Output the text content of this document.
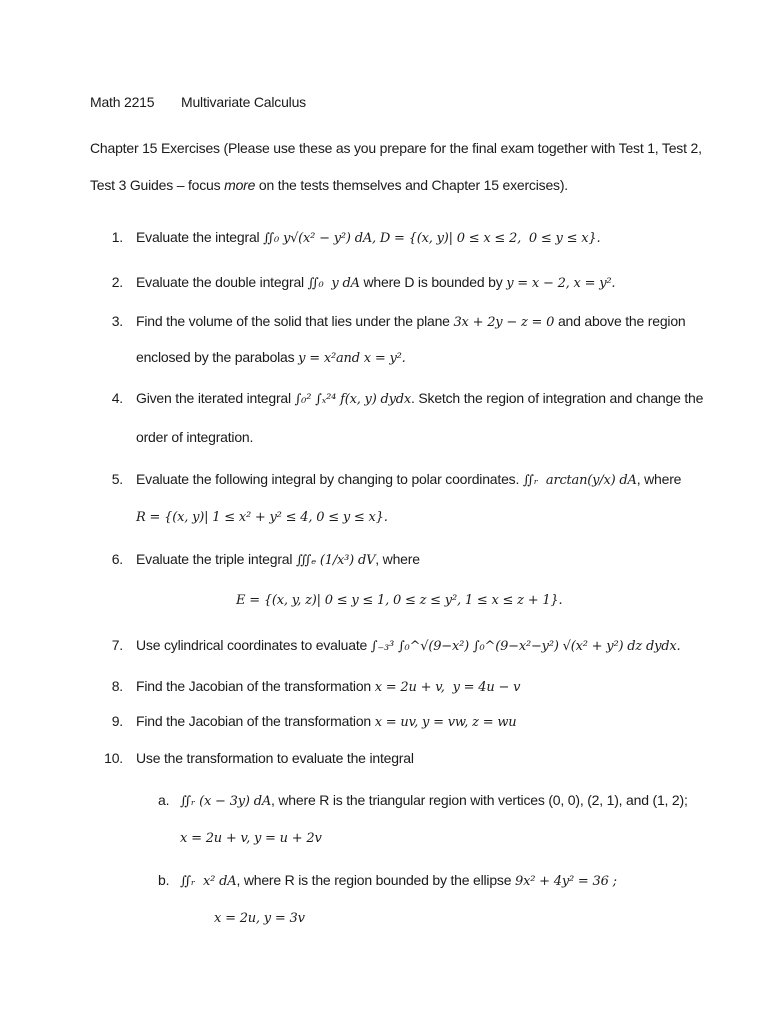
Math 2215 Multivariate Calculus
Chapter 15 Exercises (Please use these as you prepare for the final exam together with Test 1, Test 2,
Test 3 Guides – focus more on the tests themselves and Chapter 15 exercises).
1. Evaluate the integral ∬₀ y√(x² − y²) dA, D = {(x, y)| 0 ≤ x ≤ 2,  0 ≤ y ≤ x}.
2. Evaluate the double integral ∬₀  y dA where D is bounded by y = x − 2, x = y².
3. Find the volume of the solid that lies under the plane 3x + 2y − z = 0 and above the region
enclosed by the parabolas y = x²and x = y².
4. Given the iterated integral ∫₀² ∫ₓ²⁴ f(x, y) dydx . Sketch the region of integration and change the
order of integration.
5. Evaluate the following integral by changing to polar coordinates. ∬ᵣ  arctan(y/x) dA , where
R = {(x, y)| 1 ≤ x² + y² ≤ 4, 0 ≤ y ≤ x}.
6. Evaluate the triple integral ∭ₑ (1/x³) dV , where
E = {(x, y, z)| 0 ≤ y ≤ 1, 0 ≤ z ≤ y², 1 ≤ x ≤ z + 1}.
7. Use cylindrical coordinates to evaluate ∫₋₃³ ∫₀^√(9−x²) ∫₀^(9−x²−y²) √(x² + y²) dz dydx.
8. Find the Jacobian of the transformation x = 2u + v,  y = 4u − v
9. Find the Jacobian of the transformation x = uv, y = vw, z = wu
10. Use the transformation to evaluate the integral
a. ∬ᵣ (x − 3y) dA , where R is the triangular region with vertices (0, 0), (2, 1), and (1, 2);
x = 2u + v, y = u + 2v
b. ∬ᵣ  x² dA , where R is the region bounded by the ellipse 9x² + 4y² = 36 ;
x = 2u, y = 3v
